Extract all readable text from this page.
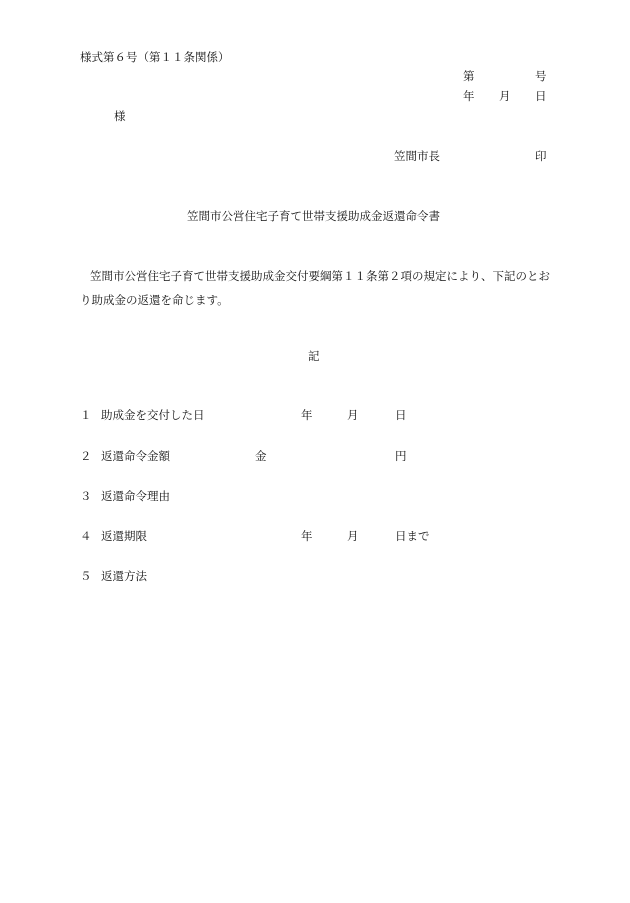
様式第６号（第１１条関係）
第	号
年 月 日
様
笠間市長	印
笠間市公営住宅子育て世帯支援助成金返還命令書
笠間市公営住宅子育て世帯支援助成金交付要綱第１１条第２項の規定により、下記のとおり助成金の返還を命じます。
記
１ 助成金を交付した日	年	月	日
２ 返還命令金額	金	円
３ 返還命令理由
４ 返還期限	年	月	日まで
５ 返還方法
